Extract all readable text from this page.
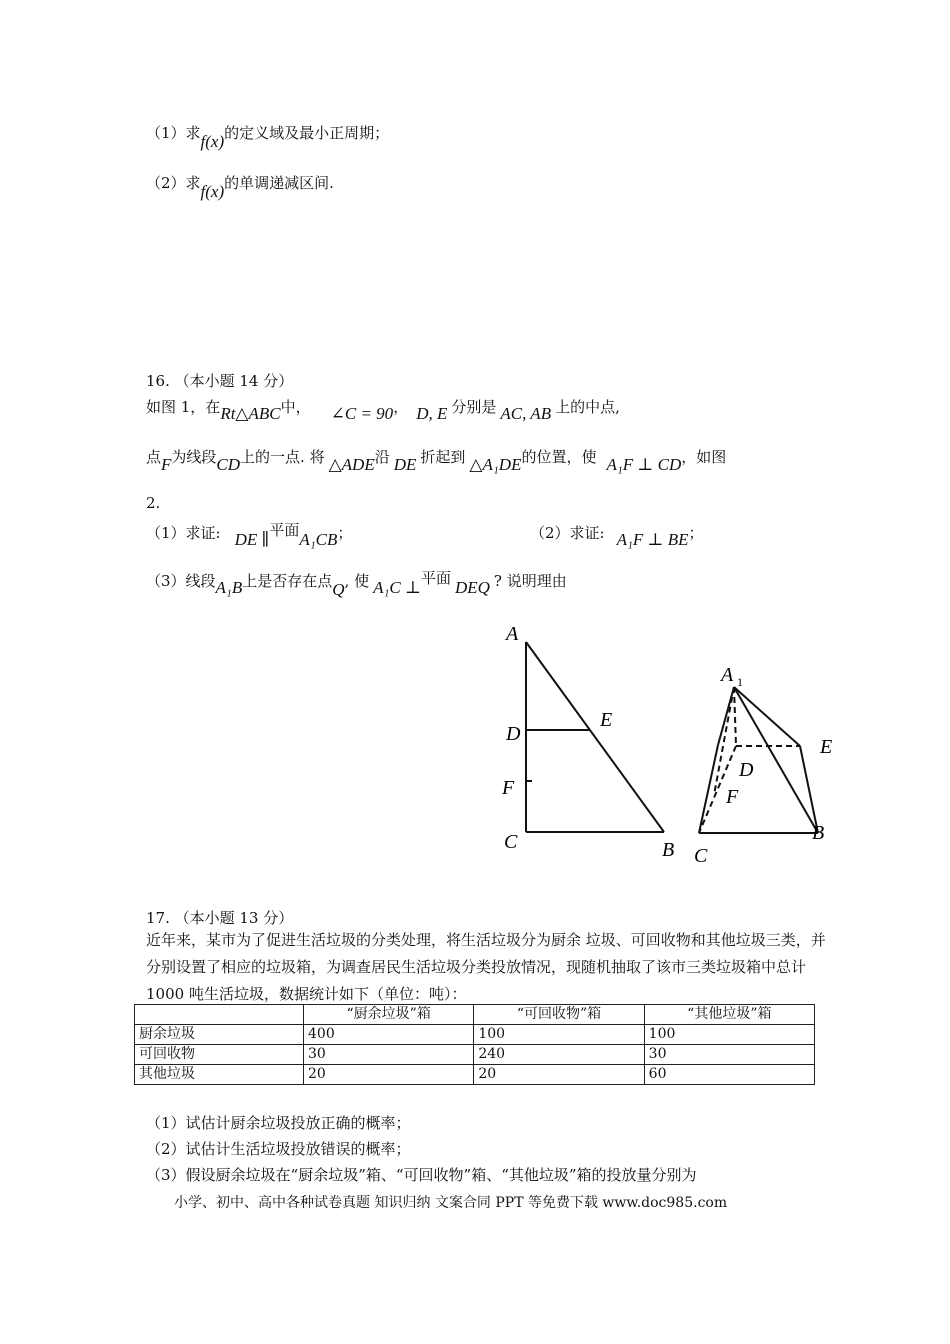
（1）求f(x)的定义域及最小正周期；
（2）求f(x)的单调递减区间.
16. （本小题 14 分）
如图 1，在Rt△ABC中， ∠C = 90， D, E 分别是 AC, AB 上的中点,
点F为线段CD上的一点. 将 △ADE沿 DE 折起到 △A₁DE的位置，使 A₁F ⊥ CD，如图
2.
（1）求证: DE ∥平面A₁CB；	（2）求证: A₁F ⊥ BE；
（3）线段A₁B上是否存在点Q, 使 A₁C ⊥平面 DEQ ? 说明理由
A
D
E
F
C	B
A 1
E
D
F
C
B
17. （本小题 13 分）
近年来，某市为了促进生活垃圾的分类处理，将生活垃圾分为厨余 垃圾、可回收物和其他垃圾三类，并分别设置了相应的垃圾箱，为调查居民生活垃圾分类投放情况，现随机抽取了该市三类垃圾箱中总计 1000 吨生活垃圾，数据统计如下（单位：吨）：
	“厨余垃圾”箱	“可回收物”箱	“其他垃圾”箱
厨余垃圾	400	100	100
可回收物	30	240	30
其他垃圾	20	20	60
（1）试估计厨余垃圾投放正确的概率；
（2）试估计生活垃圾投放错误的概率；
（3）假设厨余垃圾在“厨余垃圾”箱、“可回收物”箱、“其他垃圾”箱的投放量分别为
小学、初中、高中各种试卷真题 知识归纳 文案合同 PPT 等免费下载 www.doc985.com
